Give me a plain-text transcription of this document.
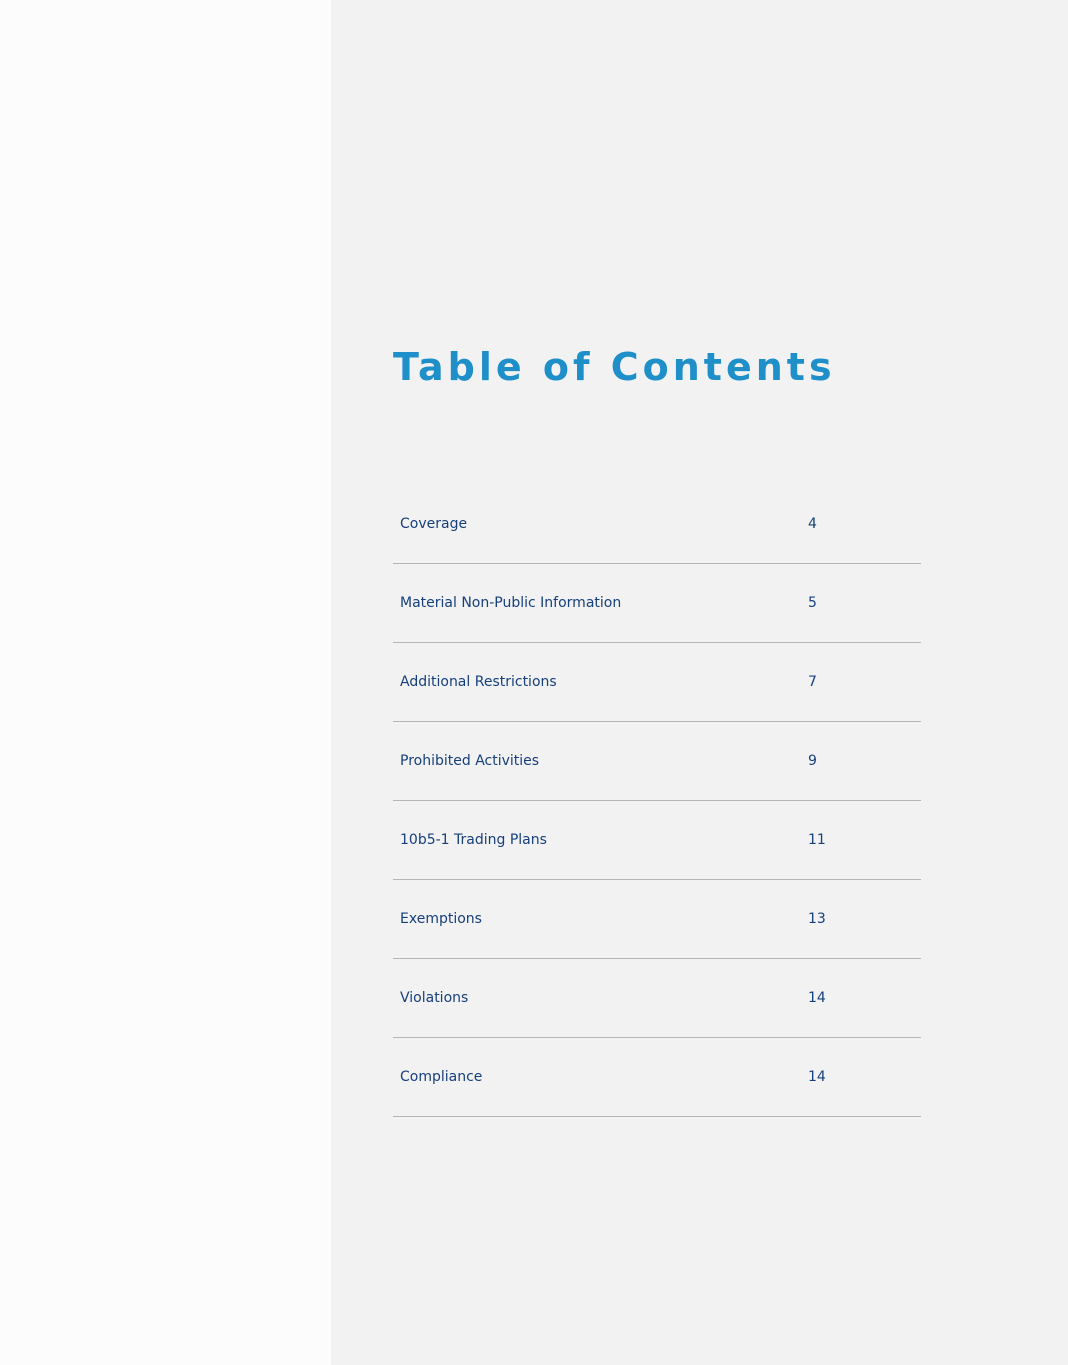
Table of Contents
Coverage	4
Material Non-Public Information	5
Additional Restrictions	7
Prohibited Activities	9
10b5-1 Trading Plans	11
Exemptions	13
Violations	14
Compliance	14
